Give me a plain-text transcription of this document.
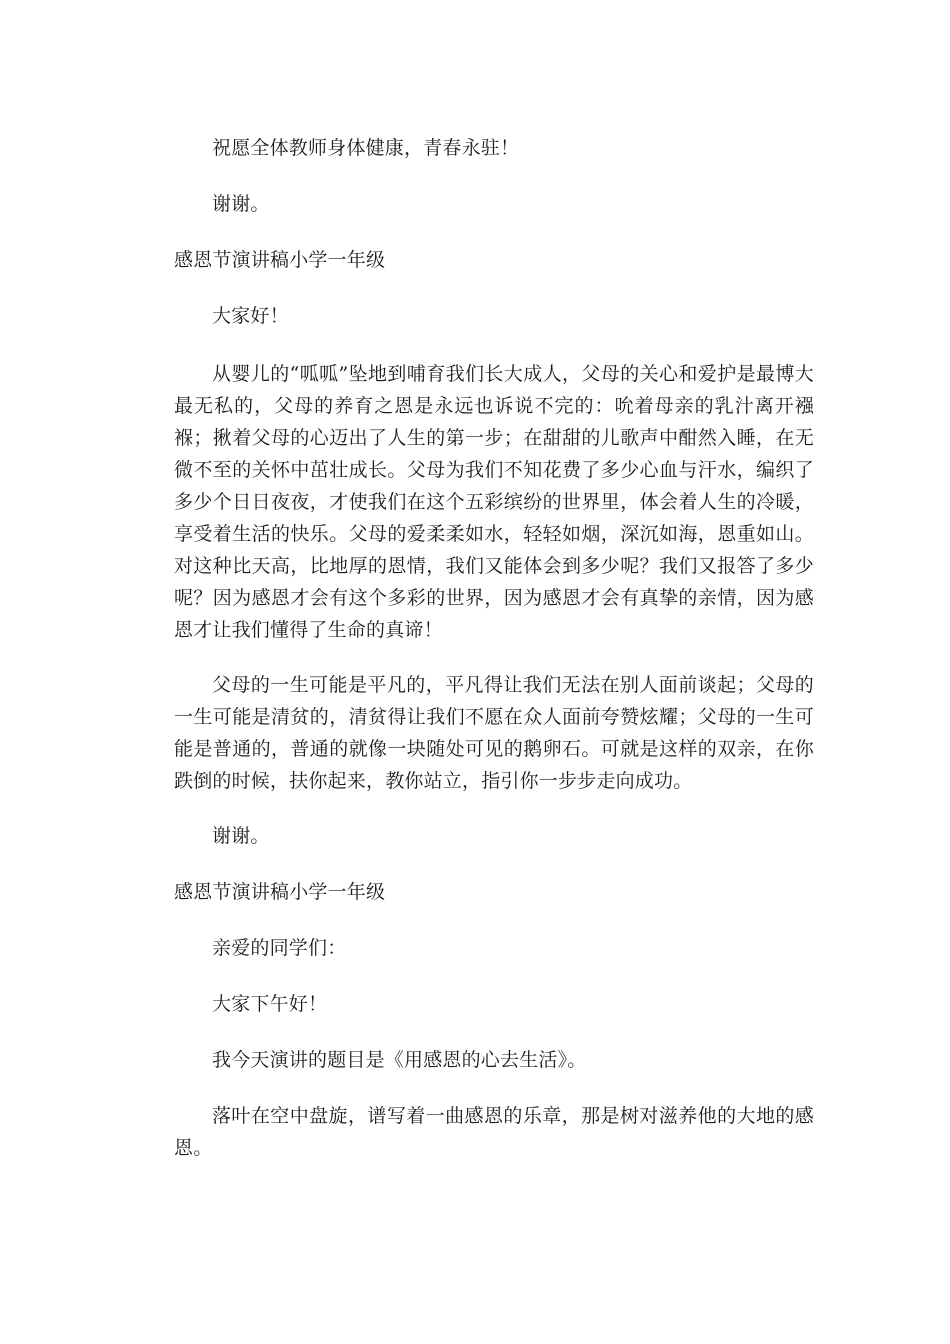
祝愿全体教师身体健康，青春永驻！

谢谢。

感恩节演讲稿小学一年级

大家好！

从婴儿的“呱呱”坠地到哺育我们长大成人，父母的关心和爱护是最博大最无私的，父母的养育之恩是永远也诉说不完的：吮着母亲的乳汁离开襁褓；揪着父母的心迈出了人生的第一步；在甜甜的儿歌声中酣然入睡，在无微不至的关怀中茁壮成长。父母为我们不知花费了多少心血与汗水，编织了多少个日日夜夜，才使我们在这个五彩缤纷的世界里，体会着人生的冷暖，享受着生活的快乐。父母的爱柔柔如水，轻轻如烟，深沉如海，恩重如山。对这种比天高，比地厚的恩情，我们又能体会到多少呢？我们又报答了多少呢？因为感恩才会有这个多彩的世界，因为感恩才会有真挚的亲情，因为感恩才让我们懂得了生命的真谛！

父母的一生可能是平凡的，平凡得让我们无法在别人面前谈起；父母的一生可能是清贫的，清贫得让我们不愿在众人面前夸赞炫耀；父母的一生可能是普通的，普通的就像一块随处可见的鹅卵石。可就是这样的双亲，在你跌倒的时候，扶你起来，教你站立，指引你一步步走向成功。

谢谢。

感恩节演讲稿小学一年级

亲爱的同学们：

大家下午好！

我今天演讲的题目是《用感恩的心去生活》。

落叶在空中盘旋，谱写着一曲感恩的乐章，那是树对滋养他的大地的感恩。
